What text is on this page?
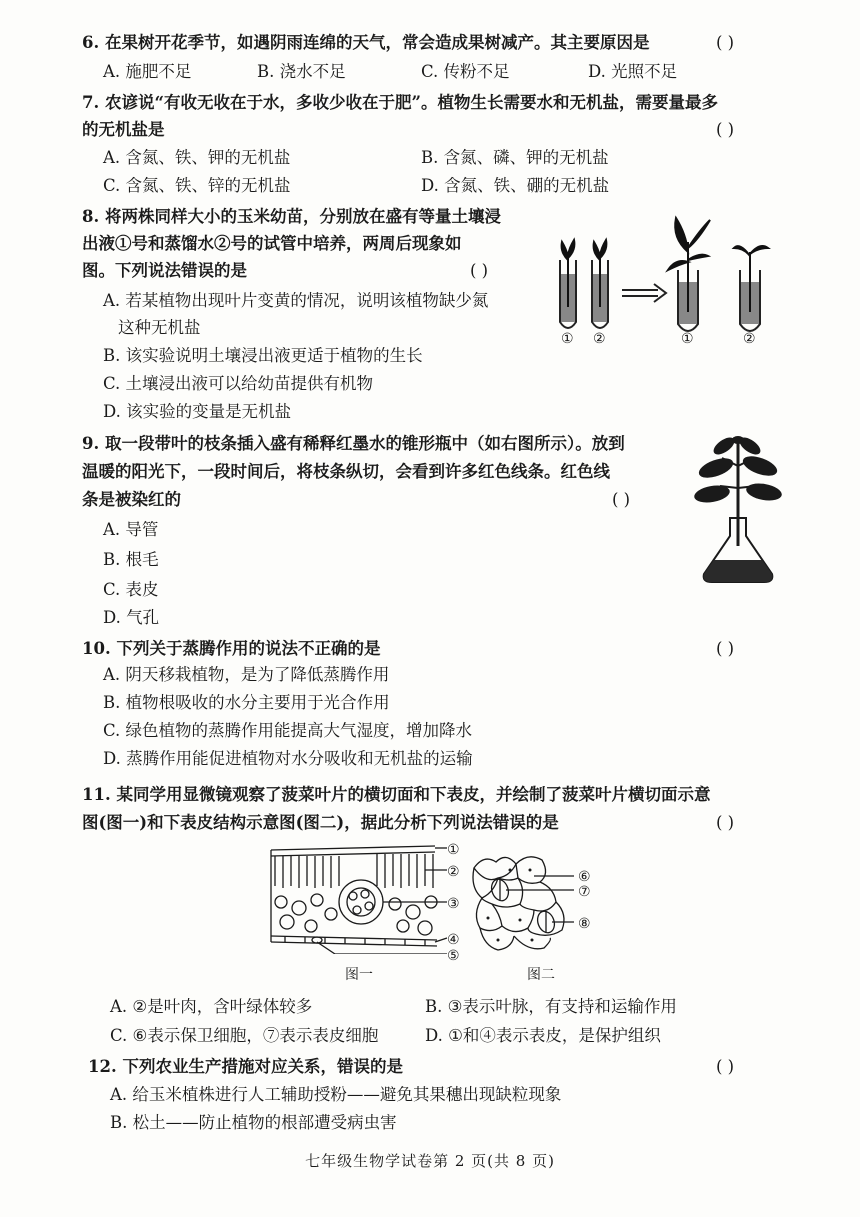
6. 在果树开花季节，如遇阴雨连绵的天气，常会造成果树减产。其主要原因是	( )
A. 施肥不足	B. 浇水不足	C. 传粉不足	D. 光照不足
7. 农谚说“有收无收在于水，多收少收在于肥”。植物生长需要水和无机盐，需要量最多
的无机盐是	( )
A. 含氮、铁、钾的无机盐	B. 含氮、磷、钾的无机盐
C. 含氮、铁、锌的无机盐	D. 含氮、铁、硼的无机盐
8. 将两株同样大小的玉米幼苗，分别放在盛有等量土壤浸
出液①号和蒸馏水②号的试管中培养，两周后现象如
图。下列说法错误的是	( )
A. 若某植物出现叶片变黄的情况，说明该植物缺少氮
这种无机盐
B. 该实验说明土壤浸出液更适于植物的生长
C. 土壤浸出液可以给幼苗提供有机物
D. 该实验的变量是无机盐
① ②	①	②
9. 取一段带叶的枝条插入盛有稀释红墨水的锥形瓶中（如右图所示）。放到
温暖的阳光下，一段时间后，将枝条纵切，会看到许多红色线条。红色线
条是被染红的	( )
A. 导管
B. 根毛
C. 表皮
D. 气孔
10. 下列关于蒸腾作用的说法不正确的是	( )
A. 阴天移栽植物，是为了降低蒸腾作用
B. 植物根吸收的水分主要用于光合作用
C. 绿色植物的蒸腾作用能提高大气湿度，增加降水
D. 蒸腾作用能促进植物对水分吸收和无机盐的运输
11. 某同学用显微镜观察了菠菜叶片的横切面和下表皮，并绘制了菠菜叶片横切面示意
图(图一)和下表皮结构示意图(图二)，据此分析下列说法错误的是	( )
①
②
③
④
⑤
图一
⑥
⑦
⑧
图二
A. ②是叶肉，含叶绿体较多	B. ③表示叶脉，有支持和运输作用
C. ⑥表示保卫细胞，⑦表示表皮细胞	D. ①和④表示表皮，是保护组织
12. 下列农业生产措施对应关系，错误的是	( )
A. 给玉米植株进行人工辅助授粉——避免其果穗出现缺粒现象
B. 松土——防止植物的根部遭受病虫害
七年级生物学试卷第 2 页(共 8 页)
